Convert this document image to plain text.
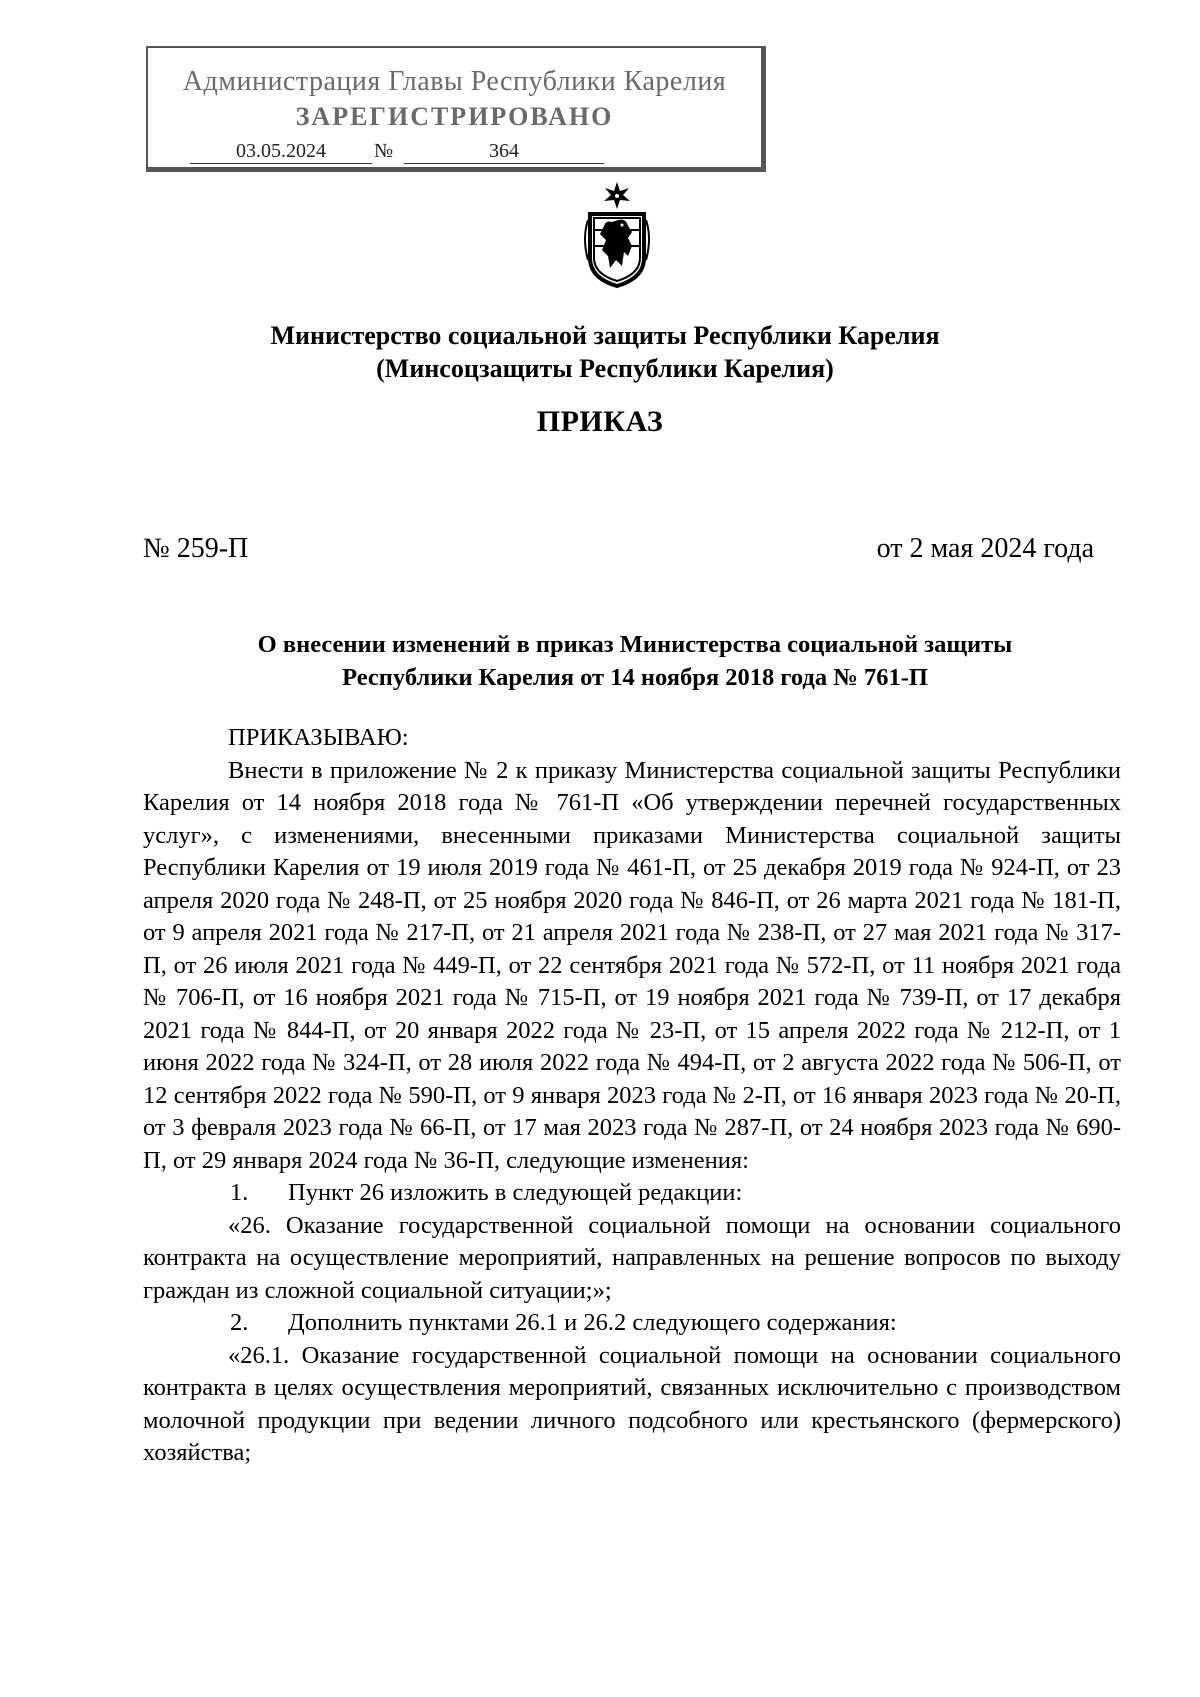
Администрация Главы Республики Карелия
ЗАРЕГИСТРИРОВАНО
03.05.2024	№	364
Министерство социальной защиты Республики Карелия
(Минсоцзащиты Республики Карелия)
ПРИКАЗ
№ 259-П	от 2 мая 2024 года
О внесении изменений в приказ Министерства социальной защиты
Республики Карелия от 14 ноября 2018 года № 761-П

ПРИКАЗЫВАЮ:

Внести в приложение № 2 к приказу Министерства социальной защиты Республики Карелия от 14 ноября 2018 года № 761-П «Об утверждении перечней государственных услуг», с изменениями, внесенными приказами Министерства социальной защиты Республики Карелия от 19 июля 2019 года № 461-П, от 25 декабря 2019 года № 924-П, от 23 апреля 2020 года № 248-П, от 25 ноября 2020 года № 846-П, от 26 марта 2021 года № 181-П, от 9 апреля 2021 года № 217-П, от 21 апреля 2021 года № 238-П, от 27 мая 2021 года № 317-П, от 26 июля 2021 года № 449-П, от 22 сентября 2021 года № 572-П, от 11 ноября 2021 года № 706-П, от 16 ноября 2021 года № 715-П, от 19 ноября 2021 года № 739-П, от 17 декабря 2021 года № 844-П, от 20 января 2022 года № 23-П, от 15 апреля 2022 года № 212-П, от 1 июня 2022 года № 324-П, от 28 июля 2022 года № 494-П, от 2 августа 2022 года № 506-П, от 12 сентября 2022 года № 590-П, от 9 января 2023 года № 2-П, от 16 января 2023 года № 20-П, от 3 февраля 2023 года № 66-П, от 17 мая 2023 года № 287-П, от 24 ноября 2023 года № 690-П, от 29 января 2024 года № 36-П, следующие изменения:

1. Пункт 26 изложить в следующей редакции:

«26. Оказание государственной социальной помощи на основании социального контракта на осуществление мероприятий, направленных на решение вопросов по выходу граждан из сложной социальной ситуации;»;

2. Дополнить пунктами 26.1 и 26.2 следующего содержания:

«26.1. Оказание государственной социальной помощи на основании социального контракта в целях осуществления мероприятий, связанных исключительно с производством молочной продукции при ведении личного подсобного или крестьянского (фермерского) хозяйства;
